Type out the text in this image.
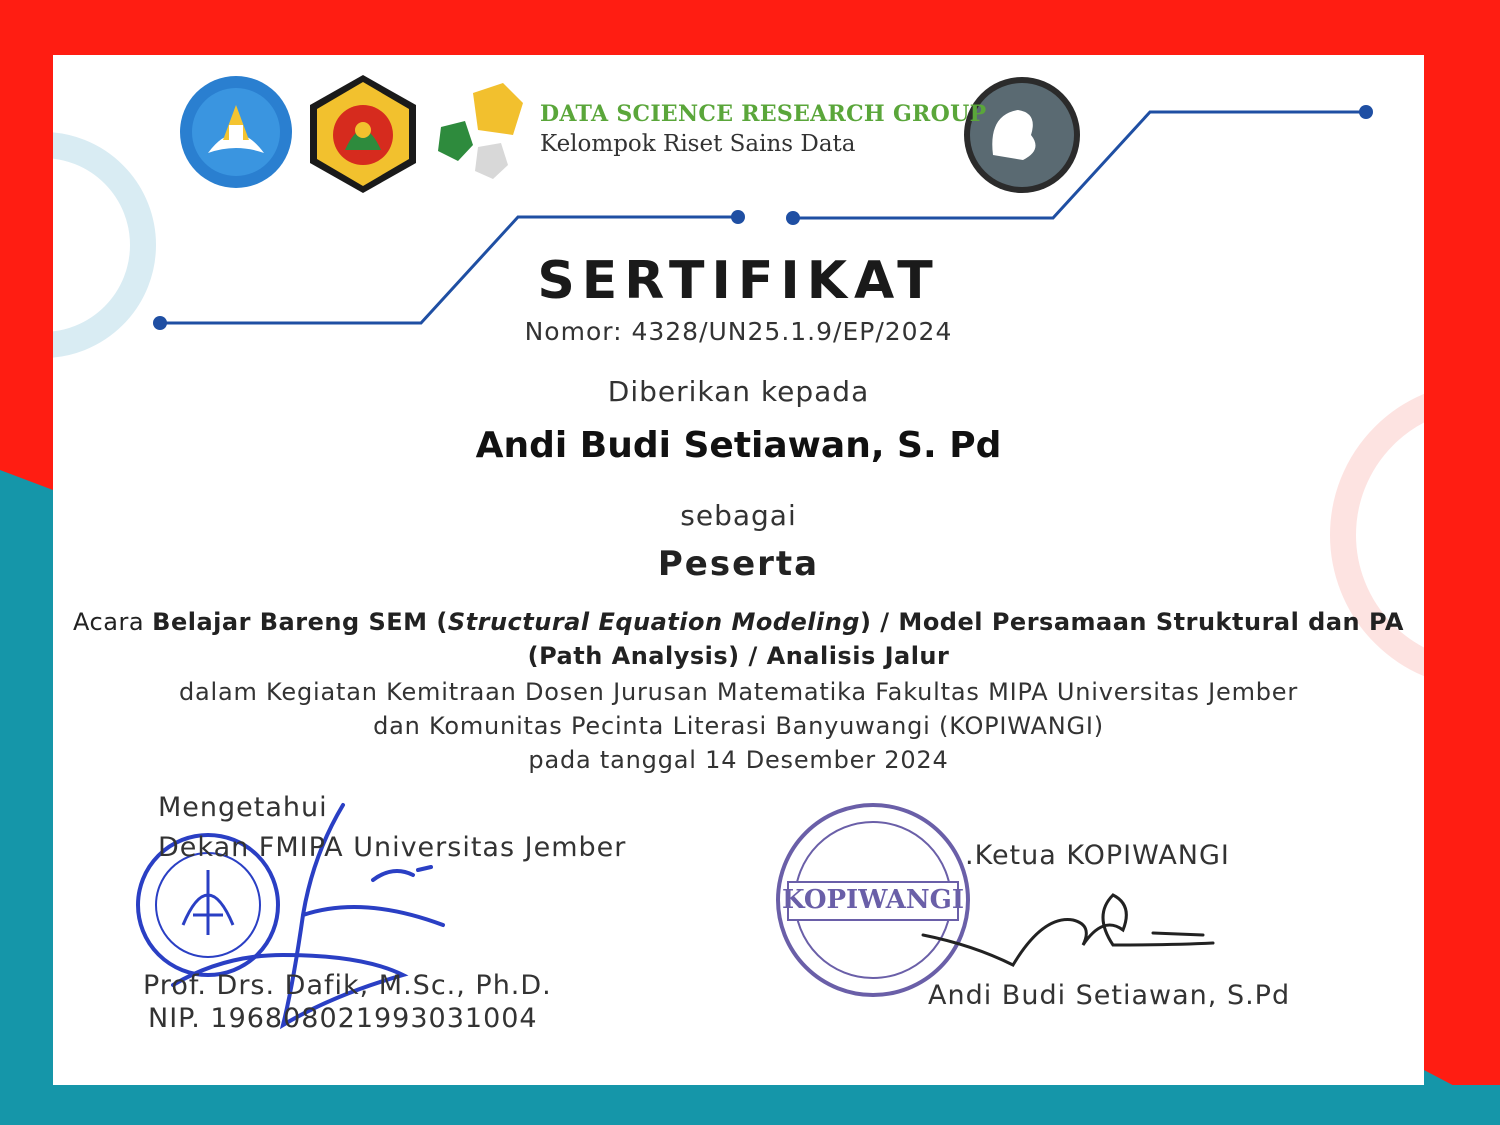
DATA SCIENCE RESEARCH GROUP
Kelompok Riset Sains Data
SERTIFIKAT
Nomor: 4328/UN25.1.9/EP/2024
Diberikan kepada
Andi Budi Setiawan, S. Pd
sebagai
Peserta
Acara Belajar Bareng SEM (Structural Equation Modeling) / Model Persamaan Struktural dan PA (Path Analysis) / Analisis Jalur
dalam Kegiatan Kemitraan Dosen Jurusan Matematika Fakultas MIPA Universitas Jember
dan Komunitas Pecinta Literasi Banyuwangi (KOPIWANGI)
pada tanggal 14 Desember 2024
Mengetahui
Dekan FMIPA Universitas Jember
Prof. Drs. Dafik, M.Sc., Ph.D.
NIP. 196808021993031004
KOPIWANGI
.Ketua KOPIWANGI
Andi Budi Setiawan, S.Pd
